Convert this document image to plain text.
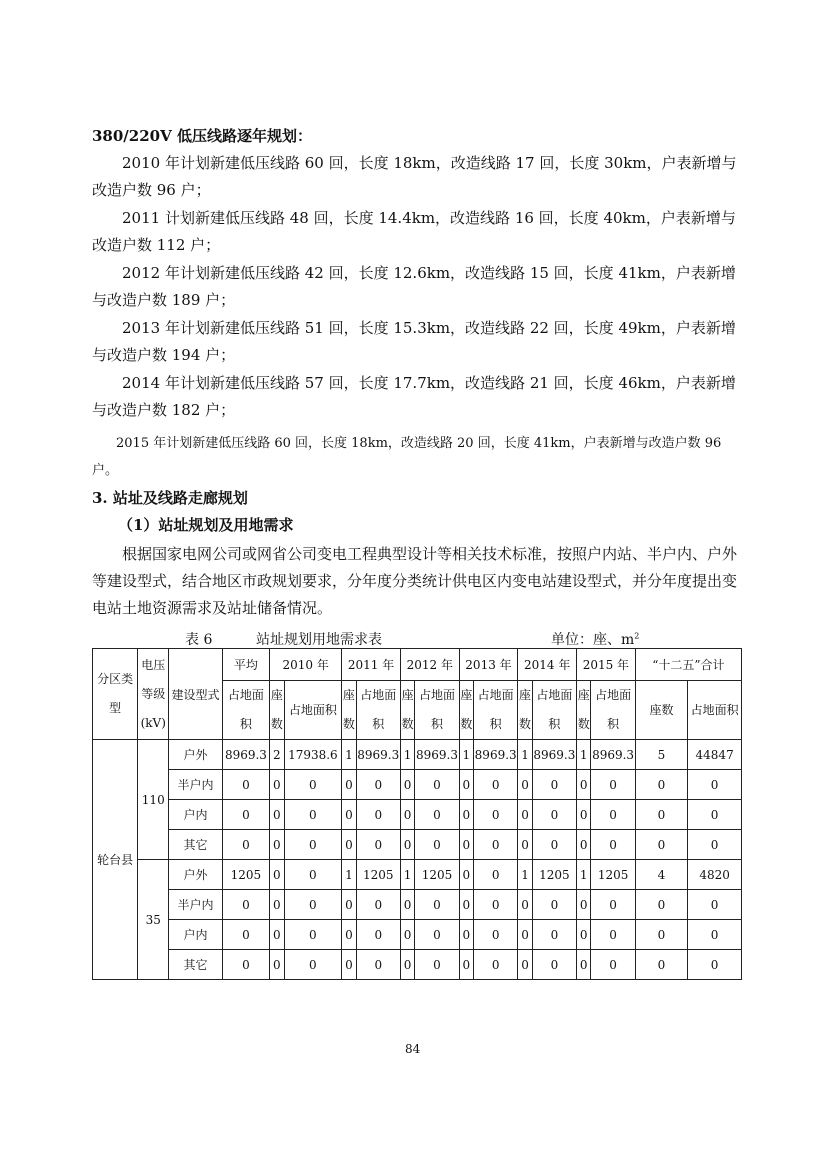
380/220V 低压线路逐年规划：
2010 年计划新建低压线路 60 回，长度 18km，改造线路 17 回，长度 30km，户表新增与改造户数 96 户；
2011 计划新建低压线路 48 回，长度 14.4km，改造线路 16 回，长度 40km，户表新增与改造户数 112 户；
2012 年计划新建低压线路 42 回，长度 12.6km，改造线路 15 回，长度 41km，户表新增与改造户数 189 户；
2013 年计划新建低压线路 51 回，长度 15.3km，改造线路 22 回，长度 49km，户表新增与改造户数 194 户；
2014 年计划新建低压线路 57 回，长度 17.7km，改造线路 21 回，长度 46km，户表新增与改造户数 182 户；
2015 年计划新建低压线路 60 回，长度 18km，改造线路 20 回，长度 41km，户表新增与改造户数 96 户。
3. 站址及线路走廊规划
（1）站址规划及用地需求
根据国家电网公司或网省公司变电工程典型设计等相关技术标准，按照户内站、半户内、户外等建设型式，结合地区市政规划要求，分年度分类统计供电区内变电站建设型式，并分年度提出变电站土地资源需求及站址储备情况。
表 6	站址规划用地需求表	单位：座、$m^2$
分区类型	电压等级(kV)	建设型式	平均	2010 年		2011 年		2012 年		2013 年		2014 年		2015 年		“十二五”合计	
			占地面积	座数	占地面积	座数	占地面积	座数	占地面积	座数	占地面积	座数	占地面积	座数	占地面积	座数	占地面积

轮台县	110	户外	8969.3	2	17938.6	1	8969.3	1	8969.3	1	8969.3	1	8969.3	1	8969.3	5	44847
		半户内	0	0	0	0	0	0	0	0	0	0	0	0	0	0	0
		户内	0	0	0	0	0	0	0	0	0	0	0	0	0	0	0
		其它	0	0	0	0	0	0	0	0	0	0	0	0	0	0	0
	35	户外	1205	0	0	1	1205	1	1205	0	0	1	1205	1	1205	4	4820
		半户内	0	0	0	0	0	0	0	0	0	0	0	0	0	0	0
		户内	0	0	0	0	0	0	0	0	0	0	0	0	0	0	0
		其它	0	0	0	0	0	0	0	0	0	0	0	0	0	0	0
84
